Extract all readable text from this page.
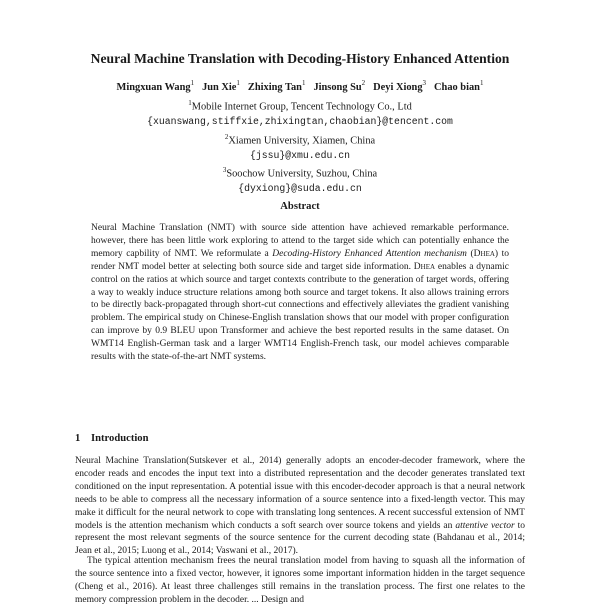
Neural Machine Translation with Decoding-History Enhanced Attention
Mingxuan Wang$^1$ Jun Xie$^1$ Zhixing Tan$^1$ Jinsong Su$^2$ Deyi Xiong$^3$ Chao bian$^1$
$^1$Mobile Internet Group, Tencent Technology Co., Ltd
{xuanswang,stiffxie,zhixingtan,chaobian}@tencent.com
$^2$Xiamen University, Xiamen, China
{jssu}@xmu.edu.cn
$^3$Soochow University, Suzhou, China
{dyxiong}@suda.edu.cn
Abstract

Neural Machine Translation (NMT) with source side attention have achieved remarkable performance. however, there has been little work exploring to attend to the target side which can potentially enhance the memory capbility of NMT. We reformulate a Decoding-History Enhanced Attention mechanism (Dhea) to render NMT model better at selecting both source side and target side information. Dhea enables a dynamic control on the ratios at which source and target contexts contribute to the generation of target words, offering a way to weakly induce structure relations among both source and target tokens. It also allows training errors to be directly back-propagated through short-cut connections and effectively alleviates the gradient vanishing problem. The empirical study on Chinese-English translation shows that our model with proper configuration can improve by 0.9 BLEU upon Transformer and achieve the best reported results in the same dataset. On WMT14 English-German task and a larger WMT14 English-French task, our model achieves comparable results with the state-of-the-art NMT systems.

1 Introduction

Neural Machine Translation(Sutskever et al., 2014) generally adopts an encoder-decoder framework, where the encoder reads and encodes the input text into a distributed representation and the decoder generates translated text conditioned on the input representation. A potential issue with this encoder-decoder approach is that a neural network needs to be able to compress all the necessary information of a source sentence into a fixed-length vector. This may make it difficult for the neural network to cope with translating long sentences. A recent successful extension of NMT models is the attention mechanism which conducts a soft search over source tokens and yields an attentive vector to represent the most relevant segments of the source sentence for the current decoding state (Bahdanau et al., 2014; Jean et al., 2015; Luong et al., 2014; Vaswani et al., 2017).

The typical attention mechanism frees the neural translation model from having to squash all the information of the source sentence into a fixed vector, however, it ignores some important information hidden in the target sequence (Cheng et al., 2016). At least three challenges still remains in the translation process. The first one relates to the memory compression problem in the decoder. ... Design and
